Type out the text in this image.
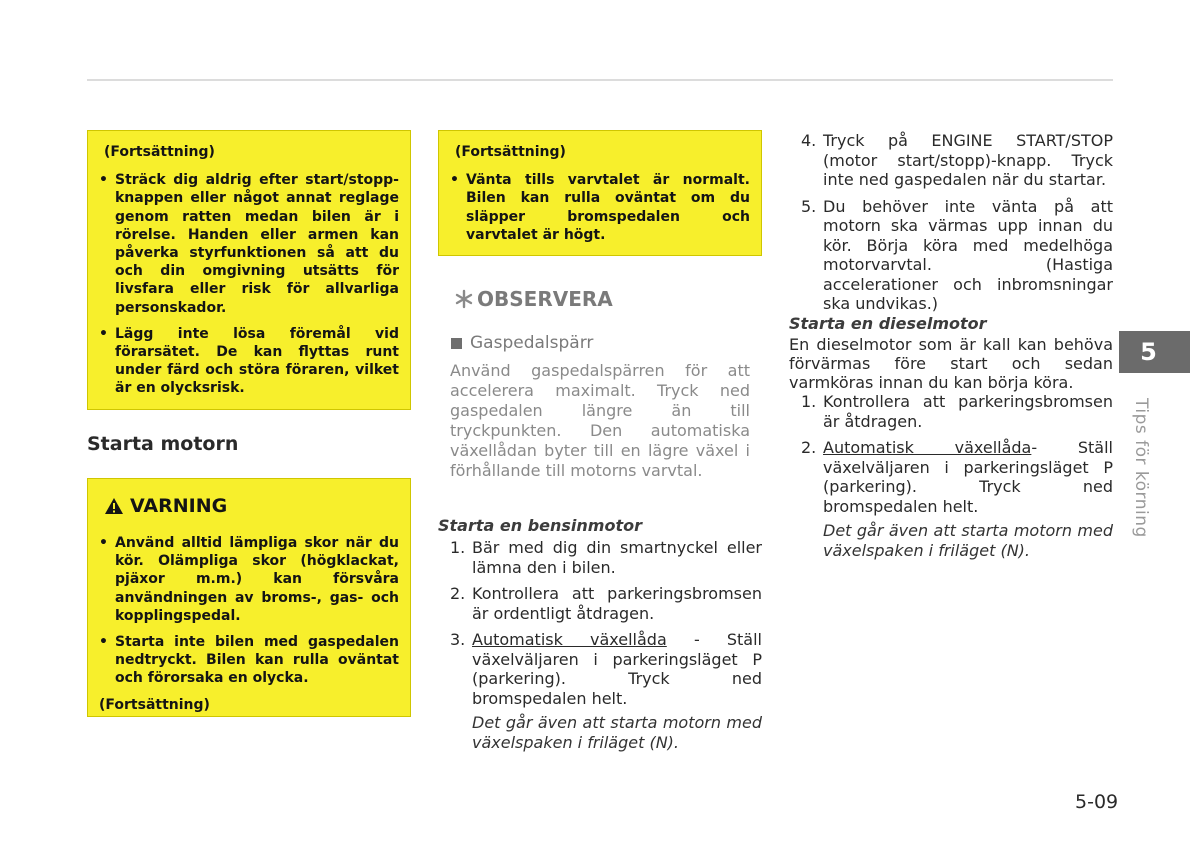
(Fortsättning)
• Sträck dig aldrig efter start/stopp-knappen eller något annat reglage genom ratten medan bilen är i rörelse. Handen eller armen kan påverka styrfunktionen så att du och din omgivning utsätts för livsfara eller risk för allvarliga personskador.
• Lägg inte lösa föremål vid förarsätet. De kan flyttas runt under färd och störa föraren, vilket är en olycksrisk.
Starta motorn
VARNING
• Använd alltid lämpliga skor när du kör. Olämpliga skor (högklackat, pjäxor m.m.) kan försvåra användningen av broms-, gas- och kopplingspedal.
• Starta inte bilen med gaspedalen nedtryckt. Bilen kan rulla oväntat och förorsaka en olycka.
(Fortsättning)
(Fortsättning)
• Vänta tills varvtalet är normalt. Bilen kan rulla oväntat om du släpper bromspedalen och varvtalet är högt.
OBSERVERA
Gaspedalspärr
Använd gaspedalspärren för att accelerera maximalt. Tryck ned gaspedalen längre än till tryckpunkten. Den automatiska växellådan byter till en lägre växel i förhållande till motorns varvtal.
Starta en bensinmotor
1. Bär med dig din smartnyckel eller lämna den i bilen.
2. Kontrollera att parkeringsbromsen är ordentligt åtdragen.
3. Automatisk växellåda - Ställ växelväljaren i parkeringsläget P (parkering). Tryck ned bromspedalen helt.
Det går även att starta motorn med växelspaken i friläget (N).
4. Tryck på ENGINE START/STOP (motor start/stopp)-knapp. Tryck inte ned gaspedalen när du startar.
5. Du behöver inte vänta på att motorn ska värmas upp innan du kör. Börja köra med medelhöga motorvarvtal. (Hastiga accelerationer och inbromsningar ska undvikas.)
Starta en dieselmotor
En dieselmotor som är kall kan behöva förvärmas före start och sedan varmköras innan du kan börja köra.
1. Kontrollera att parkeringsbromsen är åtdragen.
2. Automatisk växellåda- Ställ växelväljaren i parkeringsläget P (parkering). Tryck ned bromspedalen helt.
Det går även att starta motorn med växelspaken i friläget (N).
5
Tips för körning
5-09
